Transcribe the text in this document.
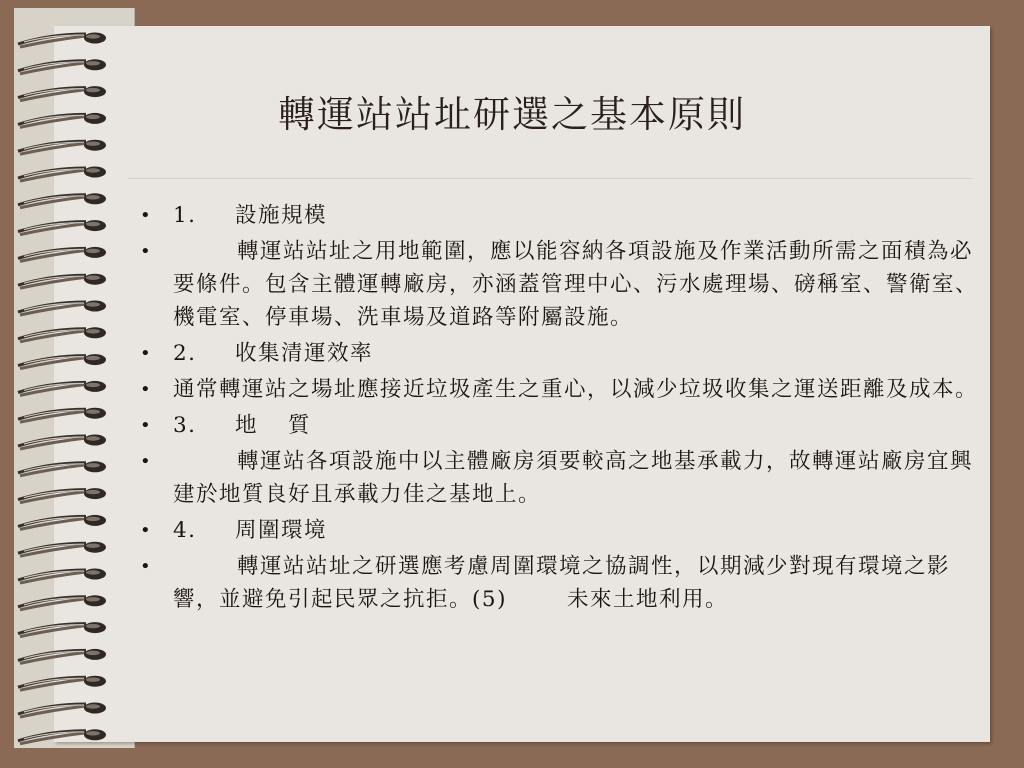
轉運站站址研選之基本原則
• 1. 設施規模
•	轉運站站址之用地範圍，應以能容納各項設施及作業活動所需之面積為必要條件。包含主體運轉廠房，亦涵蓋管理中心、污水處理場、磅稱室、警衛室、機電室、停車場、洗車場及道路等附屬設施。
• 2. 收集清運效率
• 通常轉運站之場址應接近垃圾產生之重心，以減少垃圾收集之運送距離及成本。
• 3. 地 質
•	轉運站各項設施中以主體廠房須要較高之地基承載力，故轉運站廠房宜興建於地質良好且承載力佳之基地上。
• 4. 周圍環境
•	轉運站站址之研選應考慮周圍環境之協調性，以期減少對現有環境之影響，並避免引起民眾之抗拒。(5)	未來土地利用。
